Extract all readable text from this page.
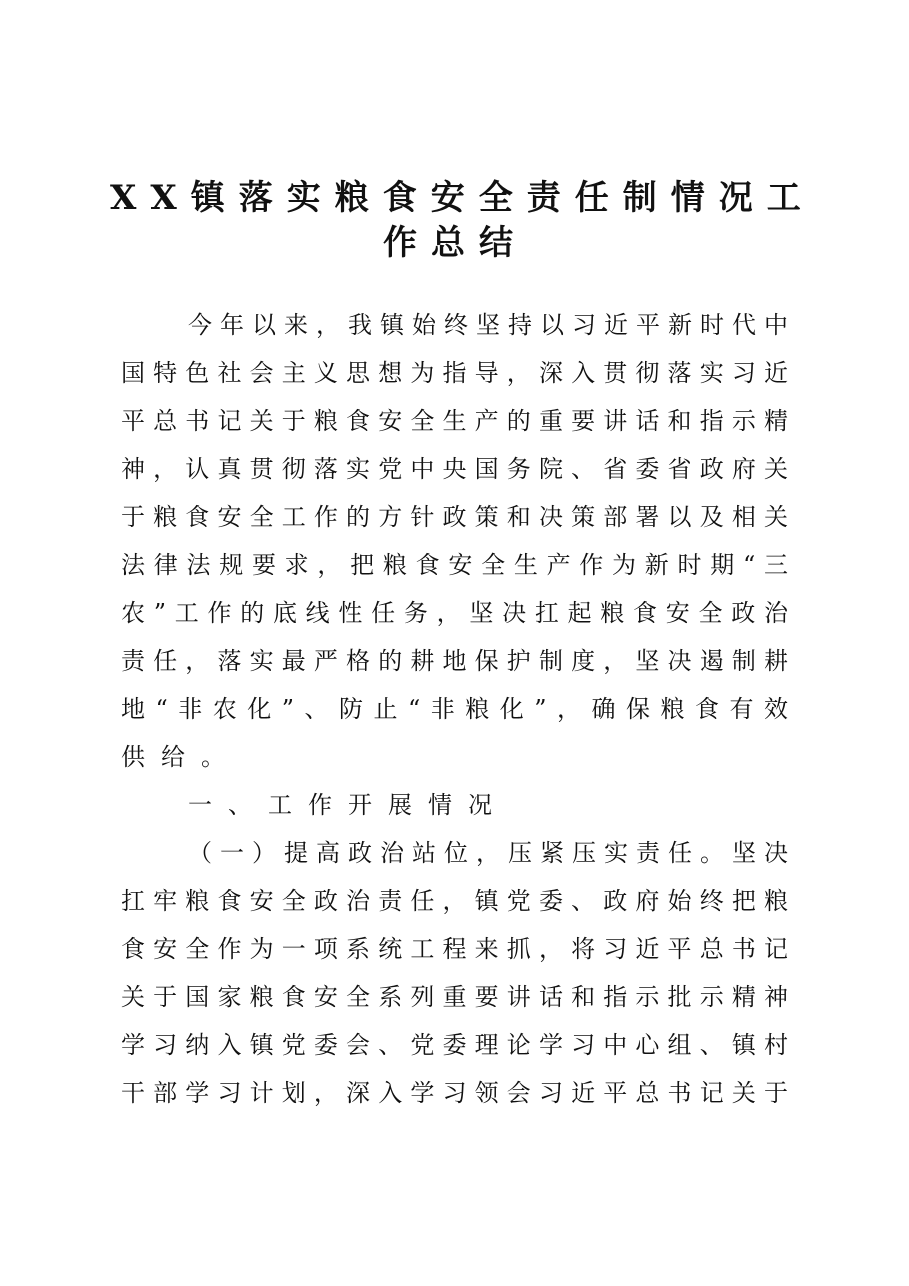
XX镇落实粮食安全责任制情况工
作总结
今年以来，我镇始终坚持以习近平新时代中
国特色社会主义思想为指导，深入贯彻落实习近
平总书记关于粮食安全生产的重要讲话和指示精
神，认真贯彻落实党中央国务院、省委省政府关
于粮食安全工作的方针政策和决策部署以及相关
法律法规要求，把粮食安全生产作为新时期“三
农”工作的底线性任务，坚决扛起粮食安全政治
责任，落实最严格的耕地保护制度，坚决遏制耕
地“非农化”、防止“非粮化”，确保粮食有效
供给。
一、工作开展情况
（一）提高政治站位，压紧压实责任。坚决
扛牢粮食安全政治责任，镇党委、政府始终把粮
食安全作为一项系统工程来抓，将习近平总书记
关于国家粮食安全系列重要讲话和指示批示精神
学习纳入镇党委会、党委理论学习中心组、镇村
干部学习计划，深入学习领会习近平总书记关于
